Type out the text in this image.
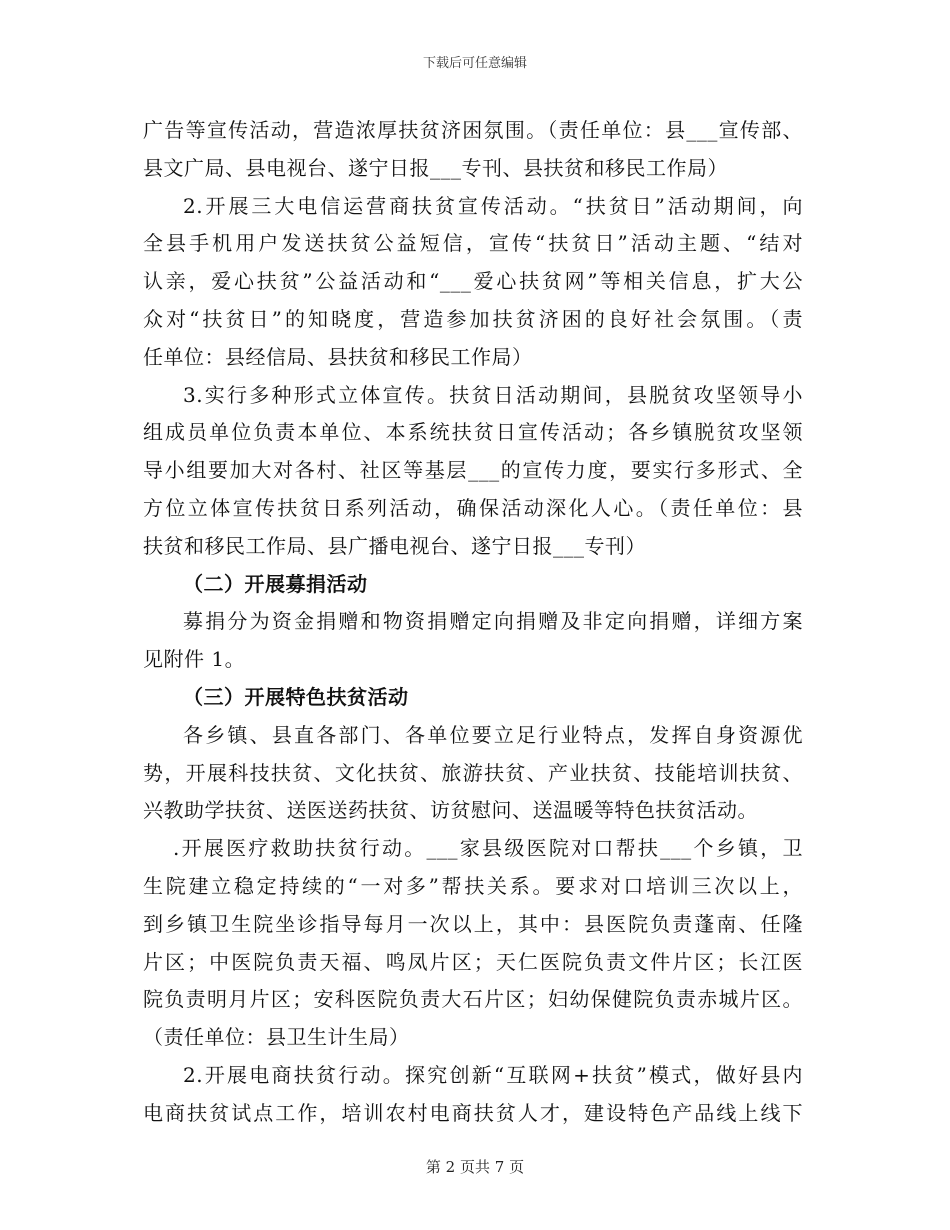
下载后可任意编辑
广告等宣传活动，营造浓厚扶贫济困氛围。（责任单位：县___宣传部、
县文广局、县电视台、遂宁日报___专刊、县扶贫和移民工作局）
2.开展三大电信运营商扶贫宣传活动。“扶贫日”活动期间，向
全县手机用户发送扶贫公益短信，宣传“扶贫日”活动主题、“结对
认亲，爱心扶贫”公益活动和“___爱心扶贫网”等相关信息，扩大公
众对“扶贫日”的知晓度，营造参加扶贫济困的良好社会氛围。（责
任单位：县经信局、县扶贫和移民工作局）
3.实行多种形式立体宣传。扶贫日活动期间，县脱贫攻坚领导小
组成员单位负责本单位、本系统扶贫日宣传活动；各乡镇脱贫攻坚领
导小组要加大对各村、社区等基层___的宣传力度，要实行多形式、全
方位立体宣传扶贫日系列活动，确保活动深化人心。（责任单位：县
扶贫和移民工作局、县广播电视台、遂宁日报___专刊）
（二）开展募捐活动
募捐分为资金捐赠和物资捐赠定向捐赠及非定向捐赠，详细方案
见附件 1。
（三）开展特色扶贫活动
各乡镇、县直各部门、各单位要立足行业特点，发挥自身资源优
势，开展科技扶贫、文化扶贫、旅游扶贫、产业扶贫、技能培训扶贫、
兴教助学扶贫、送医送药扶贫、访贫慰问、送温暖等特色扶贫活动。
.开展医疗救助扶贫行动。___家县级医院对口帮扶___个乡镇，卫
生院建立稳定持续的“一对多”帮扶关系。要求对口培训三次以上，
到乡镇卫生院坐诊指导每月一次以上，其中：县医院负责蓬南、任隆
片区；中医院负责天福、鸣凤片区；天仁医院负责文件片区；长江医
院负责明月片区；安科医院负责大石片区；妇幼保健院负责赤城片区。
（责任单位：县卫生计生局）
2.开展电商扶贫行动。探究创新“互联网+扶贫”模式，做好县内
电商扶贫试点工作，培训农村电商扶贫人才，建设特色产品线上线下
第 2 页共 7 页
